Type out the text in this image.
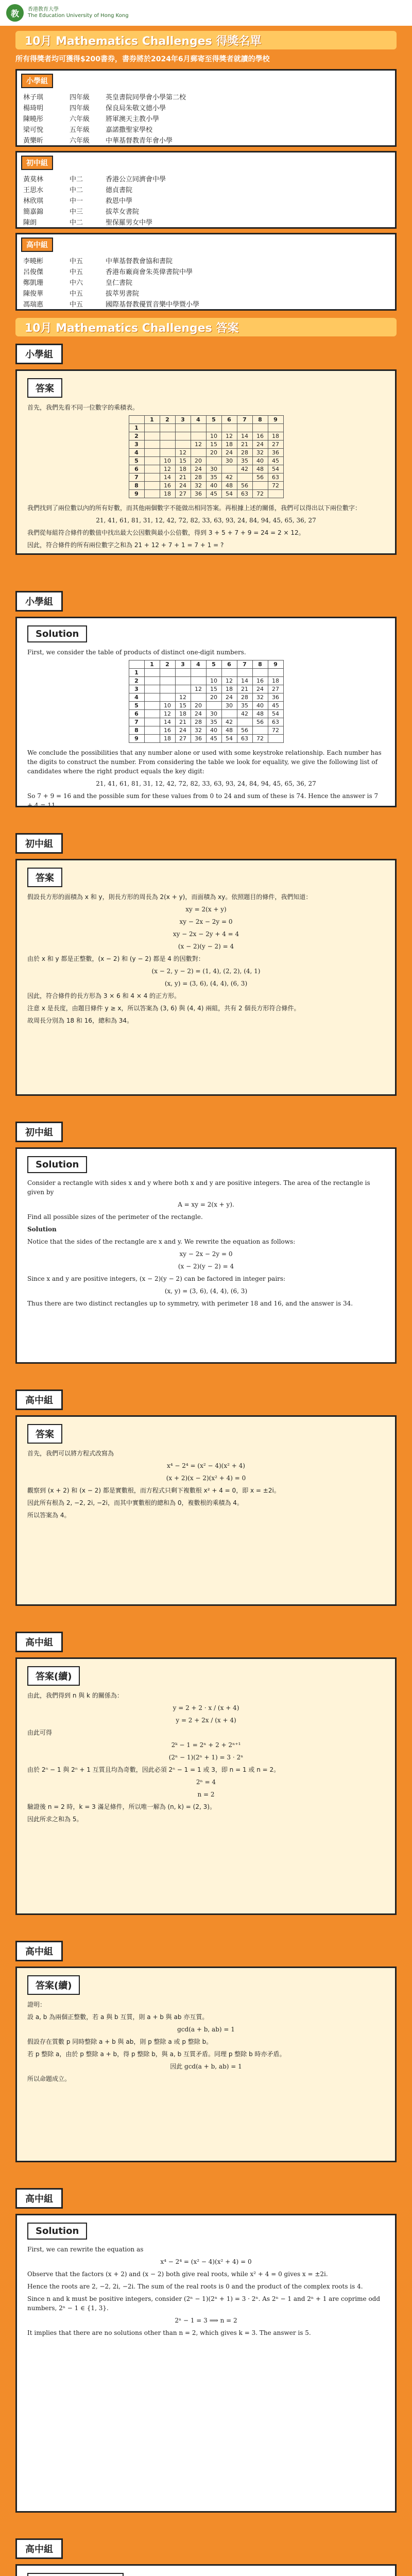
教	香港教育大學
The Education University of Hong Kong
10月 Mathematics Challenges 得獎名單
所有得獎者均可獲得$200書券，書券將於2024年6月郵寄至得獎者就讀的學校
小學組
林子琪	四年級	英皇書院同學會小學第二校
楊琦明	四年級	保良局朱敬文德小學
陳曉彤	六年級	將軍澳天主教小學
梁可悅	五年級	嘉諾撒聖家學校
黃樂昕	六年級	中華基督教青年會小學
初中組
黃莫林	中二	香港公立同濟會中學
王思水	中二	德貞書院
林欣琪	中一	救恩中學
簡嘉錦	中三	拔萃女書院
陳朗	中二	聖保羅男女中學
高中組
李曉彬	中五	中華基督教會協和書院
呂俊傑	中五	香港布廠商會朱英偉書院中學
鄭凱珊	中六	皇仁書院
陳俊華	中五	拔萃男書院
馮瑞惠	中五	國際基督教優質音樂中學暨小學
10月 Mathematics Challenges 答案
小學組
答案

首先，我們先看不同一位數字的乘積表。

	1	2	3	4	5	6	7	8	9
1									
2					10	12	14	16	18
3				12	15	18	21	24	27
4			12		20	24	28	32	36
5		10	15	20		30	35	40	45
6		12	18	24	30		42	48	54
7		14	21	28	35	42		56	63
8		16	24	32	40	48	56		72
9		18	27	36	45	54	63	72	

我們找到了兩位數以內的所有好數，而其他兩個數字不能做出相同答案。再根據上述的關係，我們可以得出以下兩位數字：

21, 41, 61, 81, 31, 12, 42, 72, 82, 33, 63, 93, 24, 84, 94, 45, 65, 36, 27

我們從每組符合條件的數值中找出最大公因數與最小公倍數，得到 3 + 5 + 7 + 9 = 24 = 2 × 12。

因此，符合條件的所有兩位數字之和為 21 + 12 + 7 + 1 = 7 + 1 = ?

小學組
Solution

First, we consider the table of products of distinct one-digit numbers.

	1	2	3	4	5	6	7	8	9
1									
2					10	12	14	16	18
3				12	15	18	21	24	27
4			12		20	24	28	32	36
5		10	15	20		30	35	40	45
6		12	18	24	30		42	48	54
7		14	21	28	35	42		56	63
8		16	24	32	40	48	56		72
9		18	27	36	45	54	63	72	

We conclude the possibilities that any number alone or used with some keystroke relationship. Each number has the digits to construct the number. From considering the table we look for equality, we give the following list of candidates where the right product equals the key digit:

21, 41, 61, 81, 31, 12, 42, 72, 82, 33, 63, 93, 24, 84, 94, 45, 65, 36, 27

So 7 + 9 = 16 and the possible sum for these values from 0 to 24 and sum of these is 74. Hence the answer is 7 + 4 = 11.

初中組
答案

假設長方形的面積為 x 和 y，則長方形的周長為 2(x + y)，而面積為 xy。依照題目的條件，我們知道：

xy = 2(x + y)

xy − 2x − 2y = 0

xy − 2x − 2y + 4 = 4

(x − 2)(y − 2) = 4

由於 x 和 y 都是正整數，(x − 2) 和 (y − 2) 都是 4 的因數對：

(x − 2, y − 2) = (1, 4), (2, 2), (4, 1)

(x, y) = (3, 6), (4, 4), (6, 3)

因此，符合條件的長方形為 3 × 6 和 4 × 4 的正方形。

注意 x 是長度，由題目條件 y ≥ x，所以答案為 (3, 6) 與 (4, 4) 兩組，共有 2 個長方形符合條件。

故周長分別為 18 和 16，總和為 34。

初中組
Solution

Consider a rectangle with sides x and y where both x and y are positive integers. The area of the rectangle is given by

A = xy = 2(x + y).

Find all possible sizes of the perimeter of the rectangle.

Solution

Notice that the sides of the rectangle are x and y. We rewrite the equation as follows:

xy − 2x − 2y = 0

(x − 2)(y − 2) = 4

Since x and y are positive integers, (x − 2)(y − 2) can be factored in integer pairs:

(x, y) = (3, 6), (4, 4), (6, 3)

Thus there are two distinct rectangles up to symmetry, with perimeter 18 and 16, and the answer is 34.

高中組
答案

首先，我們可以將方程式改寫為

x⁴ − 2⁴ = (x² − 4)(x² + 4)

(x + 2)(x − 2)(x² + 4) = 0

觀察到 (x + 2) 和 (x − 2) 都是實數根，而方程式只剩下複數根 x² + 4 = 0，即 x = ±2i。

因此所有根為 2, −2, 2i, −2i，而其中實數根的總和為 0，複數根的乘積為 4。

所以答案為 4。

高中組
答案(續)

由此，我們得到 n 與 k 的關係為：

y = 2 + 2 · x / (x + 4)

y = 2 + 2x / (x + 4)

由此可得

2ᵏ − 1 = 2ⁿ + 2 + 2ⁿ⁺¹

(2ⁿ − 1)(2ⁿ + 1) = 3 · 2ⁿ

由於 2ⁿ − 1 與 2ⁿ + 1 互質且均為奇數，因此必須 2ⁿ − 1 = 1 或 3，即 n = 1 或 n = 2。

2ⁿ = 4

n = 2

驗證後 n = 2 時，k = 3 滿足條件，所以唯一解為 (n, k) = (2, 3)。

因此所求之和為 5。

高中組
答案(續)

證明：

設 a, b 為兩個正整數，若 a 與 b 互質，則 a + b 與 ab 亦互質。

gcd(a + b, ab) = 1

假設存在質數 p 同時整除 a + b 與 ab，則 p 整除 a 或 p 整除 b。

若 p 整除 a，由於 p 整除 a + b，得 p 整除 b，與 a, b 互質矛盾。同理 p 整除 b 時亦矛盾。

因此 gcd(a + b, ab) = 1

所以命題成立。

高中組
Solution

First, we can rewrite the equation as

x⁴ − 2⁴ = (x² − 4)(x² + 4) = 0

Observe that the factors (x + 2) and (x − 2) both give real roots, while x² + 4 = 0 gives x = ±2i.

Hence the roots are 2, −2, 2i, −2i. The sum of the real roots is 0 and the product of the complex roots is 4.

Since n and k must be positive integers, consider (2ⁿ − 1)(2ⁿ + 1) = 3 · 2ⁿ. As 2ⁿ − 1 and 2ⁿ + 1 are coprime odd numbers, 2ⁿ − 1 ∈ {1, 3}.

2ⁿ − 1 = 3 ⟹ n = 2

It implies that there are no solutions other than n = 2, which gives k = 3. The answer is 5.

高中組
